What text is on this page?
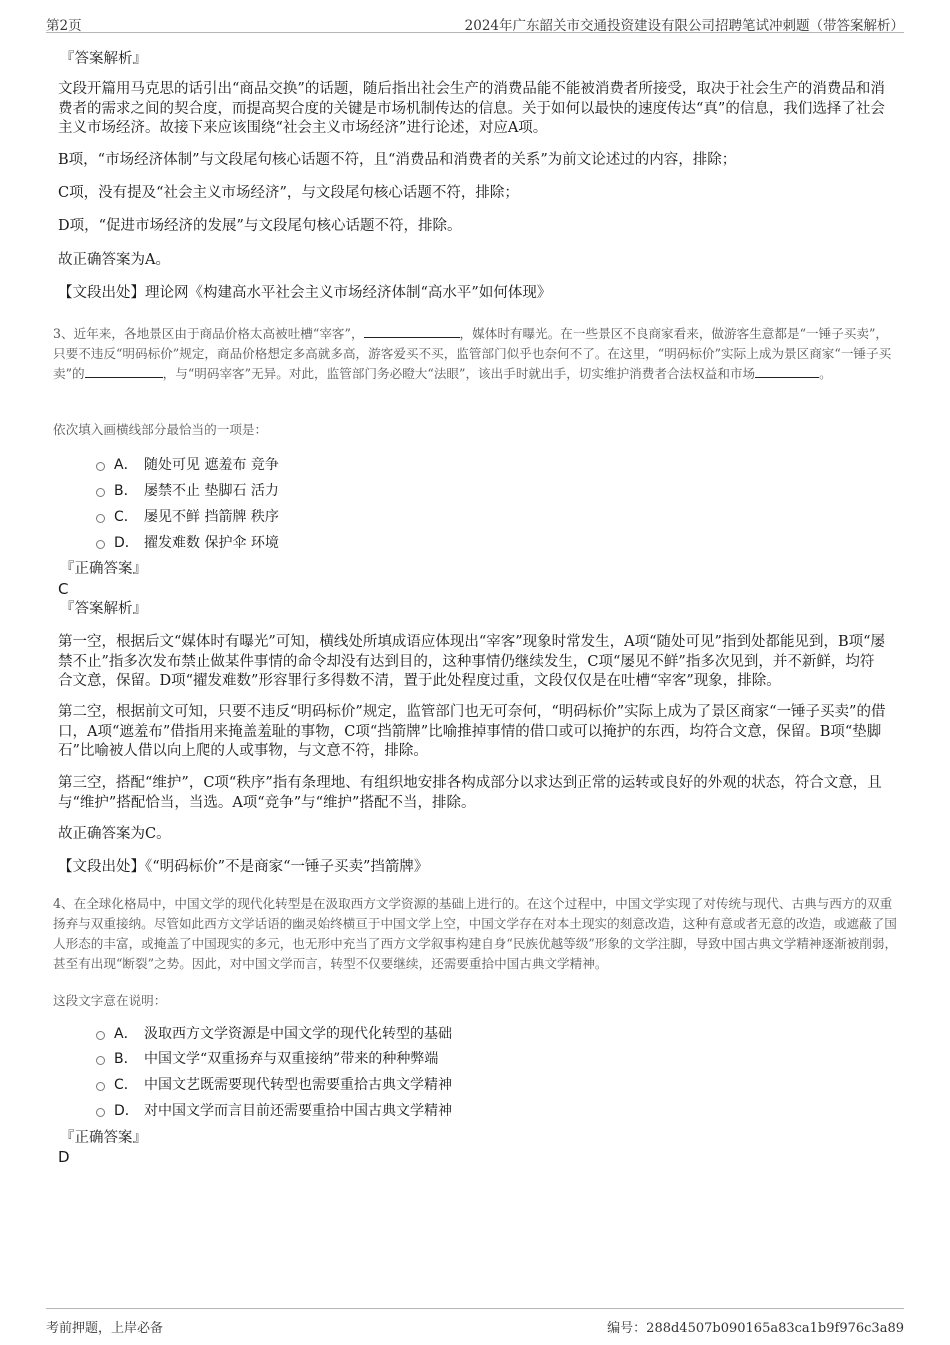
第2页	2024年广东韶关市交通投资建设有限公司招聘笔试冲刺题（带答案解析）
『答案解析』

文段开篇用马克思的话引出“商品交换”的话题，随后指出社会生产的消费品能不能被消费者所接受，取决于社会生产的消费品和消费者的需求之间的契合度，而提高契合度的关键是市场机制传达的信息。关于如何以最快的速度传达“真”的信息，我们选择了社会主义市场经济。故接下来应该围绕“社会主义市场经济”进行论述，对应A项。

B项，“市场经济体制”与文段尾句核心话题不符，且“消费品和消费者的关系”为前文论述过的内容，排除；

C项，没有提及“社会主义市场经济”，与文段尾句核心话题不符，排除；

D项，“促进市场经济的发展”与文段尾句核心话题不符，排除。

故正确答案为A。

【文段出处】理论网《构建高水平社会主义市场经济体制“高水平”如何体现》

3、近年来，各地景区由于商品价格太高被吐槽“宰客”，	，媒体时有曝光。在一些景区不良商家看来，做游客生意都是“一锤子买卖”，只要不违反“明码标价”规定，商品价格想定多高就多高，游客爱买不买，监管部门似乎也奈何不了。在这里，“明码标价”实际上成为景区商家“一锤子买卖”的	，与“明码宰客”无异。对此，监管部门务必瞪大“法眼”，该出手时就出手，切实维护消费者合法权益和市场	。

依次填入画横线部分最恰当的一项是：
A． 随处可见 遮羞布 竞争
B． 屡禁不止 垫脚石 活力
C． 屡见不鲜 挡箭牌 秩序
D． 擢发难数 保护伞 环境
『正确答案』
C
『答案解析』

第一空，根据后文“媒体时有曝光”可知，横线处所填成语应体现出“宰客”现象时常发生，A项“随处可见”指到处都能见到，B项“屡禁不止”指多次发布禁止做某件事情的命令却没有达到目的，这种事情仍继续发生，C项“屡见不鲜”指多次见到，并不新鲜，均符合文意，保留。D项“擢发难数”形容罪行多得数不清，置于此处程度过重，文段仅仅是在吐槽“宰客”现象，排除。

第二空，根据前文可知，只要不违反“明码标价”规定，监管部门也无可奈何，“明码标价”实际上成为了景区商家“一锤子买卖”的借口，A项“遮羞布”借指用来掩盖羞耻的事物，C项“挡箭牌”比喻推掉事情的借口或可以掩护的东西，均符合文意，保留。B项“垫脚石”比喻被人借以向上爬的人或事物，与文意不符，排除。

第三空，搭配“维护”，C项“秩序”指有条理地、有组织地安排各构成部分以求达到正常的运转或良好的外观的状态，符合文意，且与“维护”搭配恰当，当选。A项“竞争”与“维护”搭配不当，排除。

故正确答案为C。

【文段出处】《“明码标价”不是商家“一锤子买卖”挡箭牌》

4、在全球化格局中，中国文学的现代化转型是在汲取西方文学资源的基础上进行的。在这个过程中，中国文学实现了对传统与现代、古典与西方的双重扬弃与双重接纳。尽管如此西方文学话语的幽灵始终横亘于中国文学上空，中国文学存在对本土现实的刻意改造，这种有意或者无意的改造，或遮蔽了国人形态的丰富，或掩盖了中国现实的多元，也无形中充当了西方文学叙事构建自身“民族优越等级”形象的文学注脚，导致中国古典文学精神逐渐被削弱，甚至有出现“断裂”之势。因此，对中国文学而言，转型不仅要继续，还需要重拾中国古典文学精神。

这段文字意在说明：
A． 汲取西方文学资源是中国文学的现代化转型的基础
B． 中国文学“双重扬弃与双重接纳”带来的种种弊端
C． 中国文艺既需要现代转型也需要重拾古典文学精神
D． 对中国文学而言目前还需要重拾中国古典文学精神
『正确答案』
D
考前押题，上岸必备	编号：288d4507b090165a83ca1b9f976c3a89
